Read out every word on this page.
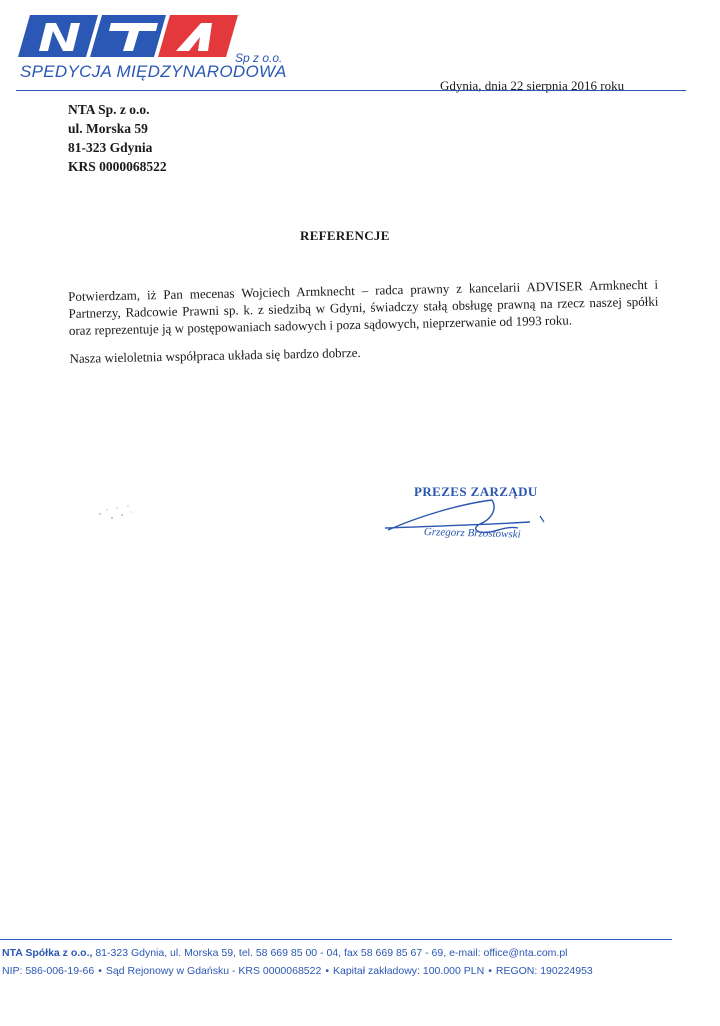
Sp z o.o.
SPEDYCJA MIĘDZYNARODOWA
Gdynia, dnia 22 sierpnia 2016 roku
NTA Sp. z o.o.
ul. Morska 59
81-323 Gdynia
KRS 0000068522
REFERENCJE

Potwierdzam, iż Pan mecenas Wojciech Armknecht – radca prawny z kancelarii ADVISER Armknecht i Partnerzy, Radcowie Prawni sp. k. z siedzibą w Gdyni, świadczy stałą obsługę prawną na rzecz naszej spółki oraz reprezentuje ją w postępowaniach sadowych i poza sądowych, nieprzerwanie od 1993 roku.

Nasza wieloletnia współpraca układa się bardzo dobrze.

PREZES ZARZĄDU
Grzegorz Brzostowski
NTA Spółka z o.o., 81-323 Gdynia, ul. Morska 59, tel. 58 669 85 00 - 04, fax 58 669 85 67 - 69, e-mail: office@nta.com.pl
NIP: 586-006-19-66 • Sąd Rejonowy w Gdańsku - KRS 0000068522 • Kapitał zakładowy: 100.000 PLN • REGON: 190224953
